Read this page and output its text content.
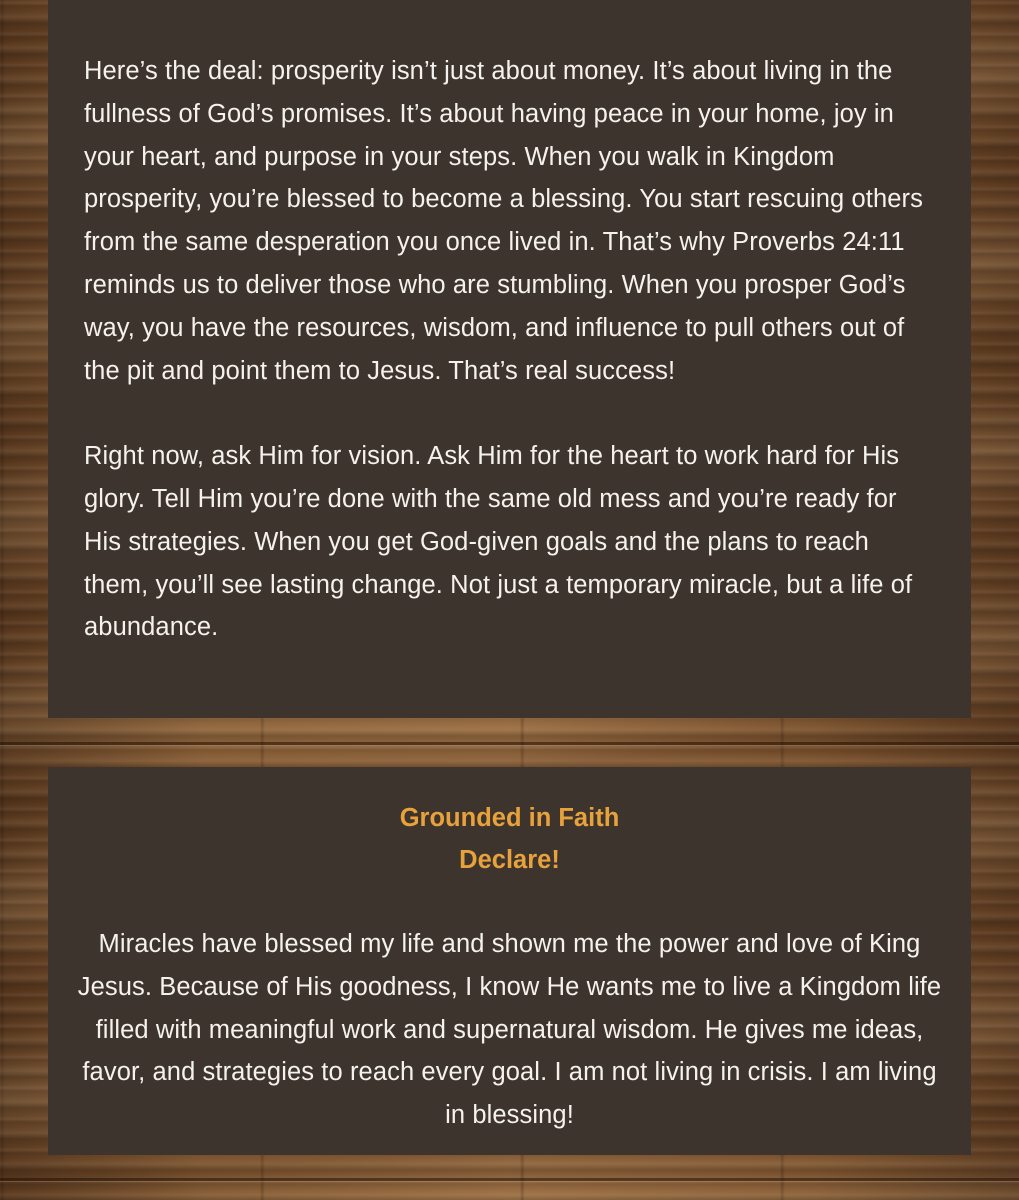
Here’s the deal: prosperity isn’t just about money. It’s about living in the fullness of God’s promises. It’s about having peace in your home, joy in your heart, and purpose in your steps. When you walk in Kingdom prosperity, you’re blessed to become a blessing. You start rescuing others from the same desperation you once lived in. That’s why Proverbs 24:11 reminds us to deliver those who are stumbling. When you prosper God’s way, you have the resources, wisdom, and influence to pull others out of the pit and point them to Jesus. That’s real success!

Right now, ask Him for vision. Ask Him for the heart to work hard for His glory. Tell Him you’re done with the same old mess and you’re ready for His strategies. When you get God-given goals and the plans to reach them, you’ll see lasting change. Not just a temporary miracle, but a life of abundance.

Grounded in Faith

Declare!

Miracles have blessed my life and shown me the power and love of King Jesus. Because of His goodness, I know He wants me to live a Kingdom life filled with meaningful work and supernatural wisdom. He gives me ideas, favor, and strategies to reach every goal. I am not living in crisis. I am living in blessing!
